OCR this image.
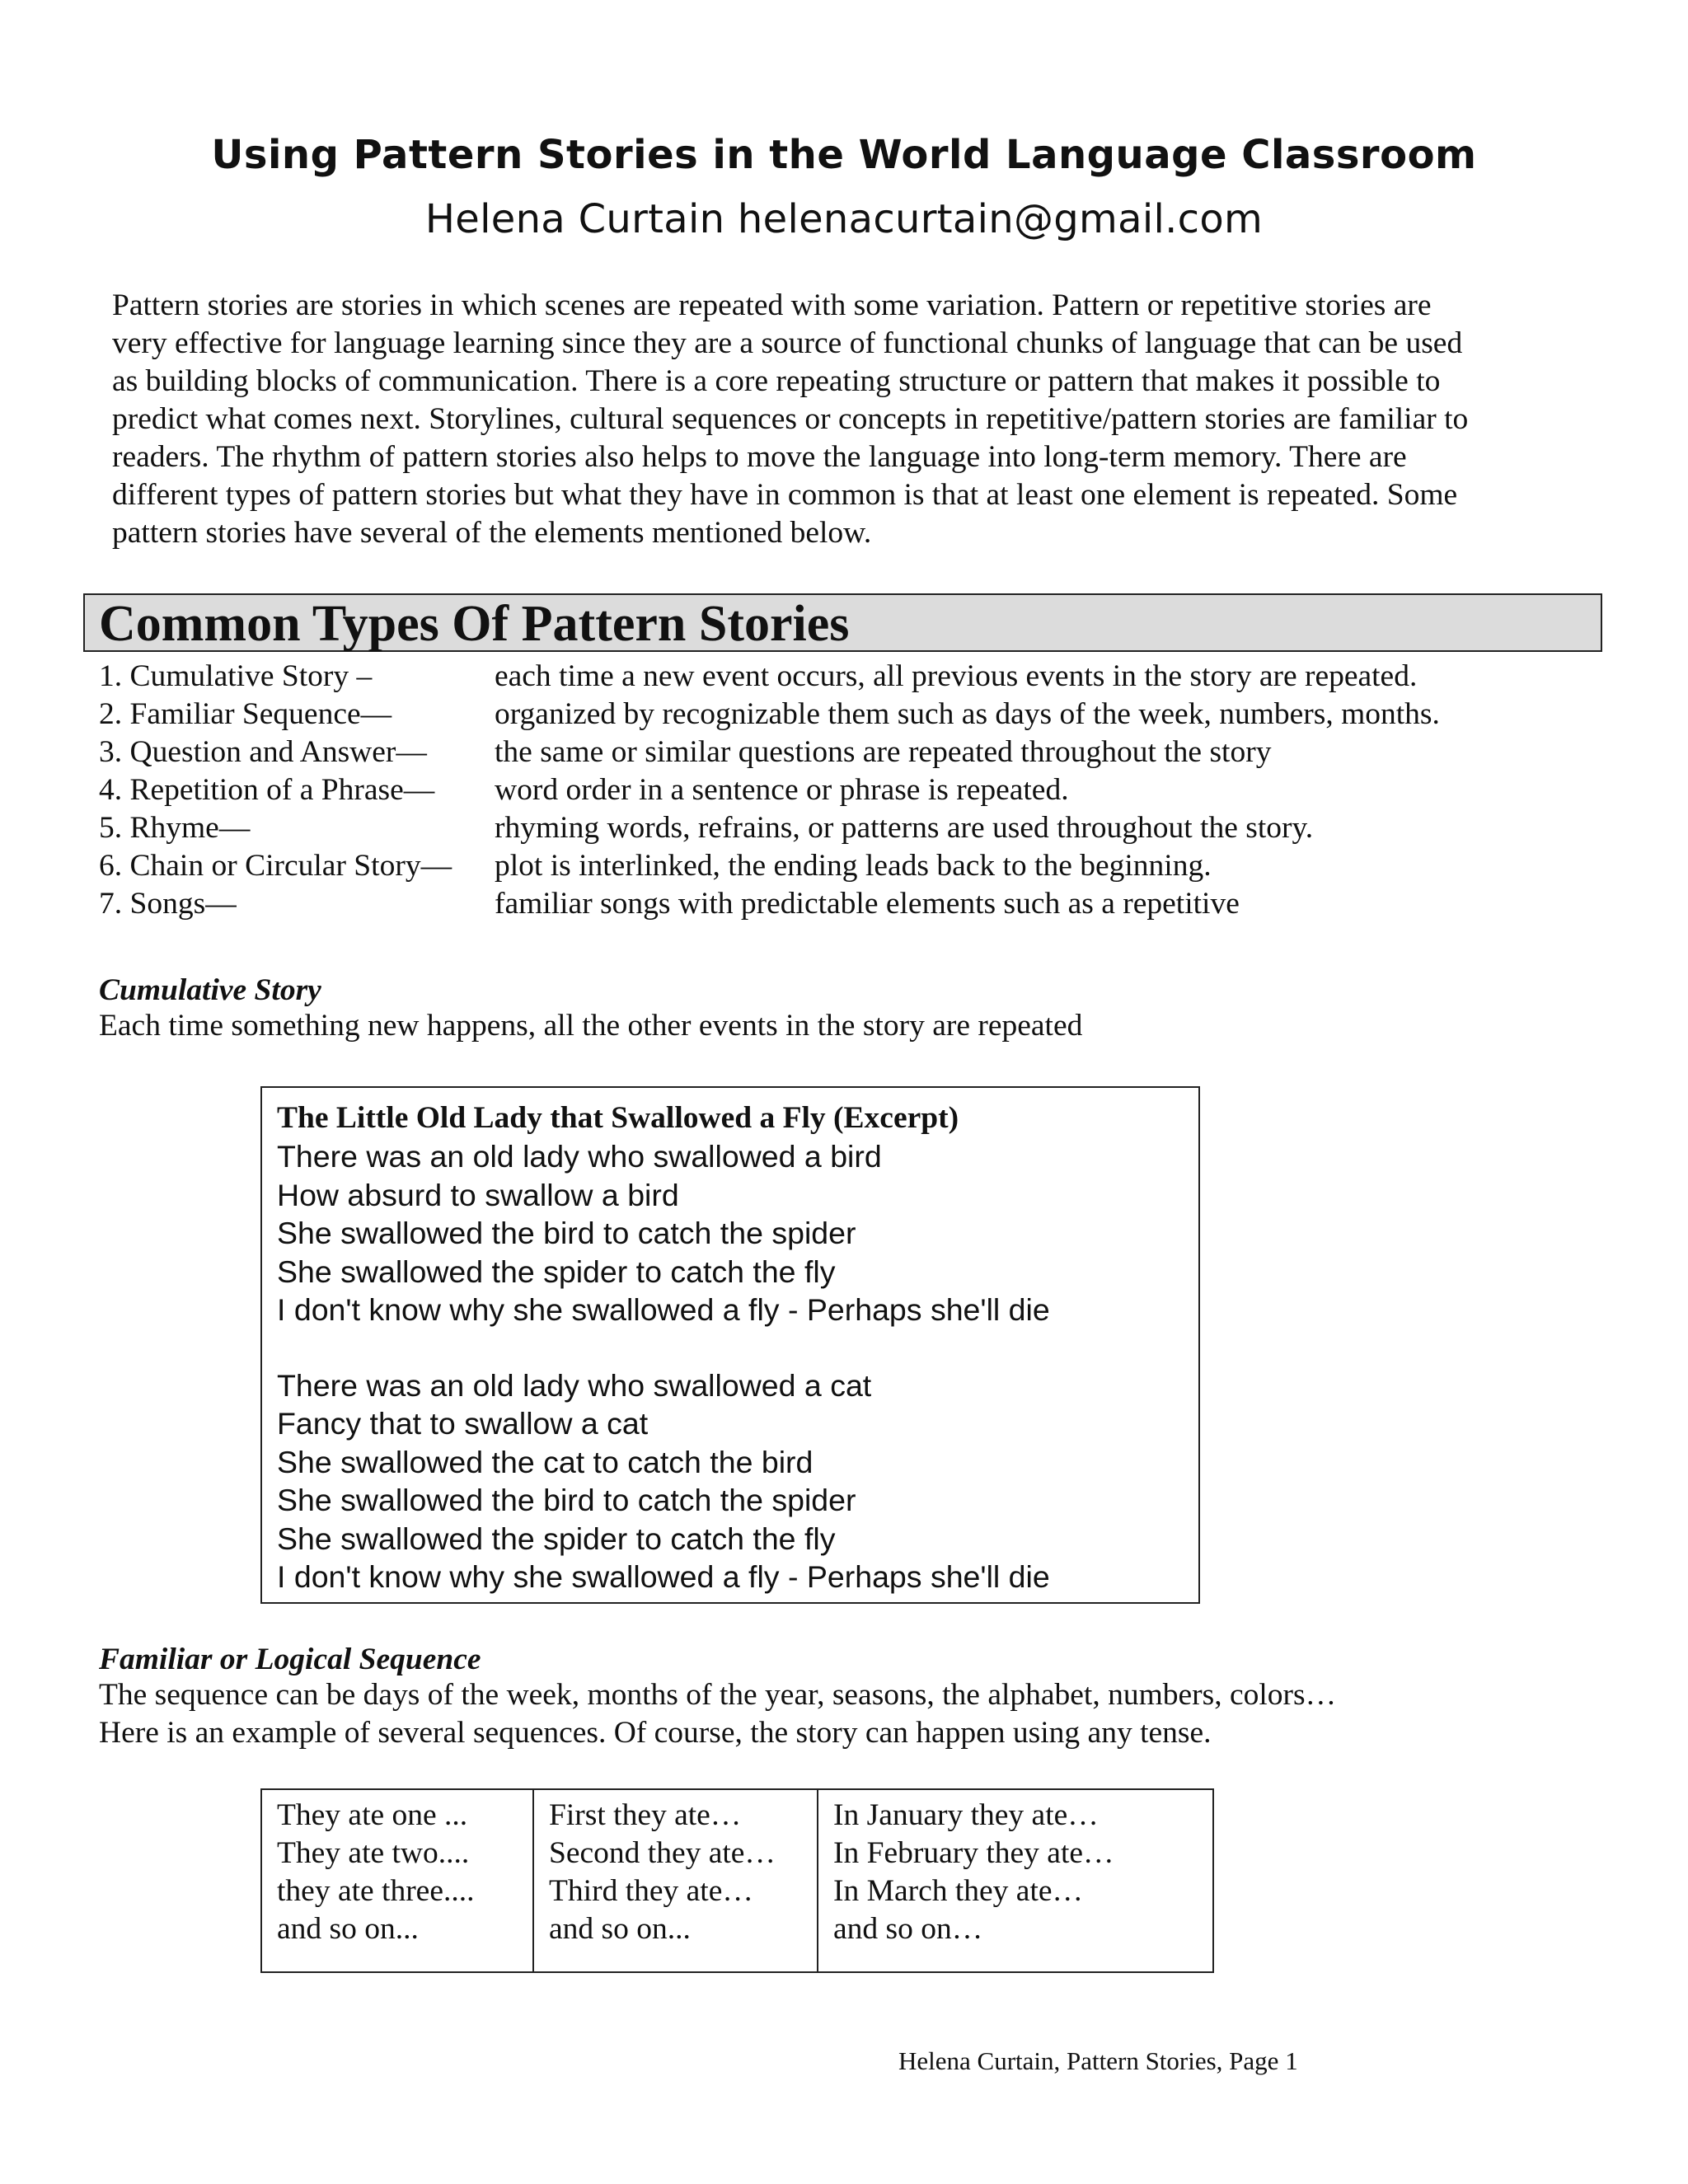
Using Pattern Stories in the World Language Classroom
Helena Curtain helenacurtain@gmail.com

Pattern stories are stories in which scenes are repeated with some variation. Pattern or repetitive stories are

very effective for language learning since they are a source of functional chunks of language that can be used

as building blocks of communication. There is a core repeating structure or pattern that makes it possible to

predict what comes next. Storylines, cultural sequences or concepts in repetitive/pattern stories are familiar to

readers. The rhythm of pattern stories also helps to move the language into long-term memory. There are

different types of pattern stories but what they have in common is that at least one element is repeated. Some

pattern stories have several of the elements mentioned below.

Common Types Of Pattern Stories
1. Cumulative Story –	each time a new event occurs, all previous events in the story are repeated.
2. Familiar Sequence—	organized by recognizable them such as days of the week, numbers, months.
3. Question and Answer— the same or similar questions are repeated throughout the story
4. Repetition of a Phrase— word order in a sentence or phrase is repeated.
5. Rhyme—	rhyming words, refrains, or patterns are used throughout the story.
6. Chain or Circular Story— plot is interlinked, the ending leads back to the beginning.
7. Songs—	familiar songs with predictable elements such as a repetitive
Cumulative Story
Each time something new happens, all the other events in the story are repeated
The Little Old Lady that Swallowed a Fly (Excerpt)
There was an old lady who swallowed a bird
How absurd to swallow a bird
She swallowed the bird to catch the spider
She swallowed the spider to catch the fly
I don't know why she swallowed a fly - Perhaps she'll die
There was an old lady who swallowed a cat
Fancy that to swallow a cat
She swallowed the cat to catch the bird
She swallowed the bird to catch the spider
She swallowed the spider to catch the fly
I don't know why she swallowed a fly - Perhaps she'll die
Familiar or Logical Sequence
The sequence can be days of the week, months of the year, seasons, the alphabet, numbers, colors…
Here is an example of several sequences. Of course, the story can happen using any tense.
They ate one ...
They ate two....
they ate three....
and so on...

First they ate…
Second they ate…
Third they ate…
and so on...

In January they ate…
In February they ate…
In March they ate…
and so on…
Helena Curtain, Pattern Stories, Page 1
